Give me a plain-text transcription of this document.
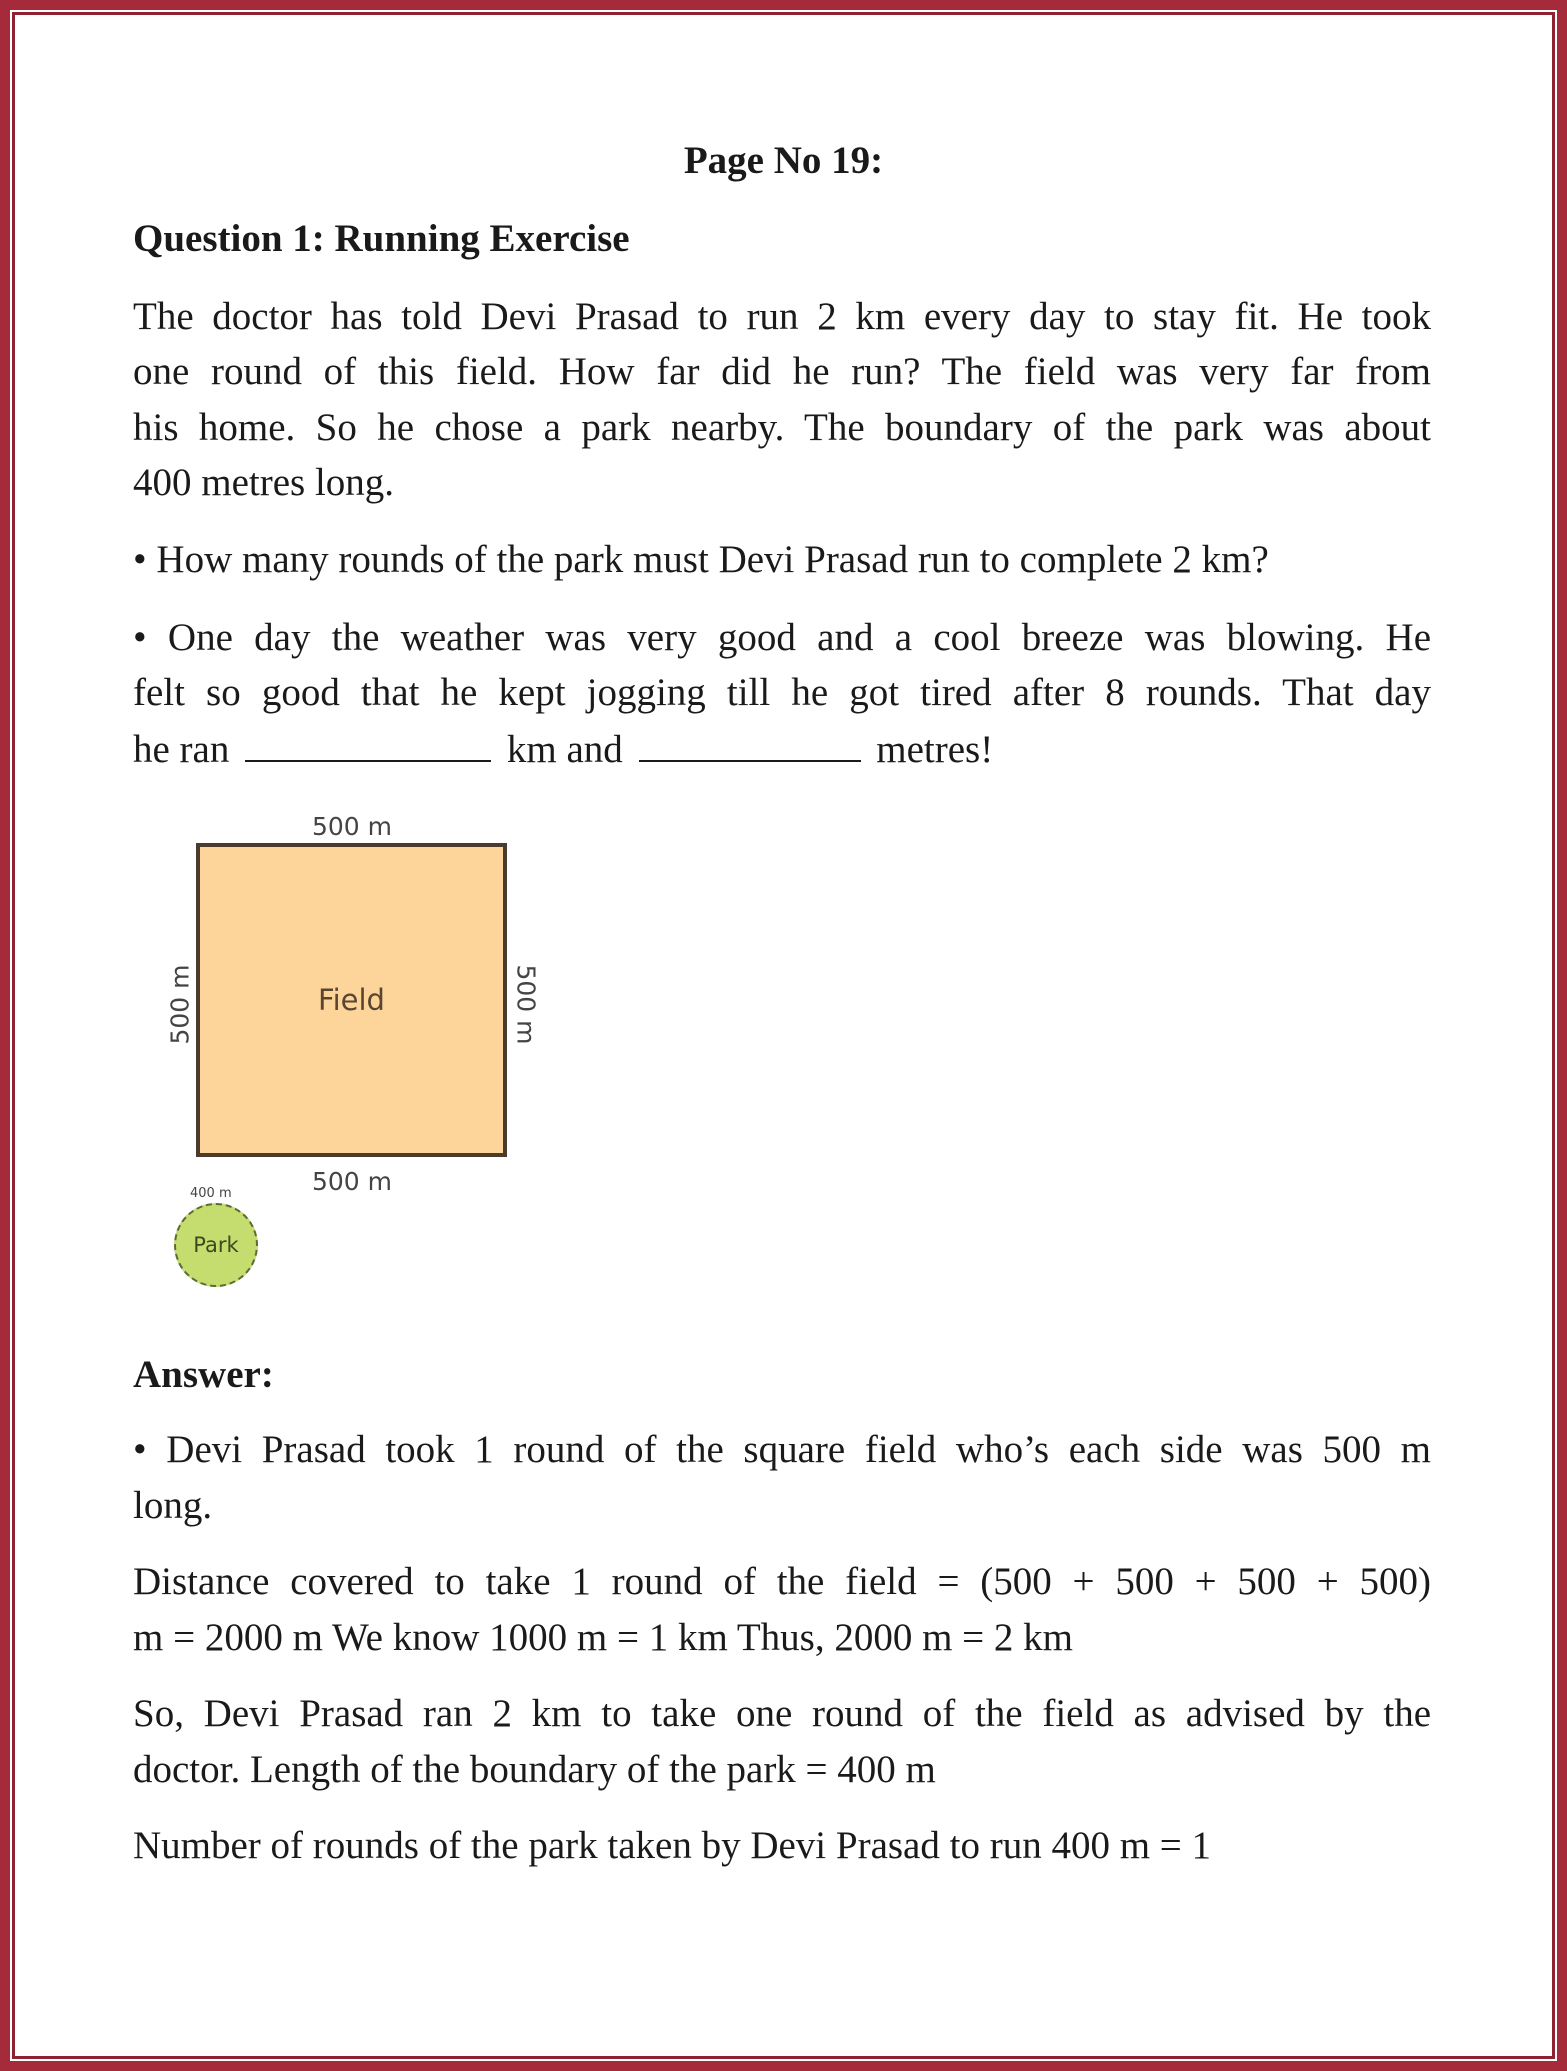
Page No 19:
Question 1: Running Exercise
The doctor has told Devi Prasad to run 2 km every day to stay fit. He took
one round of this field. How far did he run? The field was very far from
his home. So he chose a park nearby. The boundary of the park was about
400 metres long.
• How many rounds of the park must Devi Prasad run to complete 2 km?
• One day the weather was very good and a cool breeze was blowing. He
felt so good that he kept jogging till he got tired after 8 rounds. That day
he ran	km and	metres!
500 m
Field
500 m
500 m	500 m
400 m
Park
Answer:
• Devi Prasad took 1 round of the square field who’s each side was 500 m
long.
Distance covered to take 1 round of the field = (500 + 500 + 500 + 500)
m = 2000 m We know 1000 m = 1 km Thus, 2000 m = 2 km
So, Devi Prasad ran 2 km to take one round of the field as advised by the
doctor. Length of the boundary of the park = 400 m
Number of rounds of the park taken by Devi Prasad to run 400 m = 1
